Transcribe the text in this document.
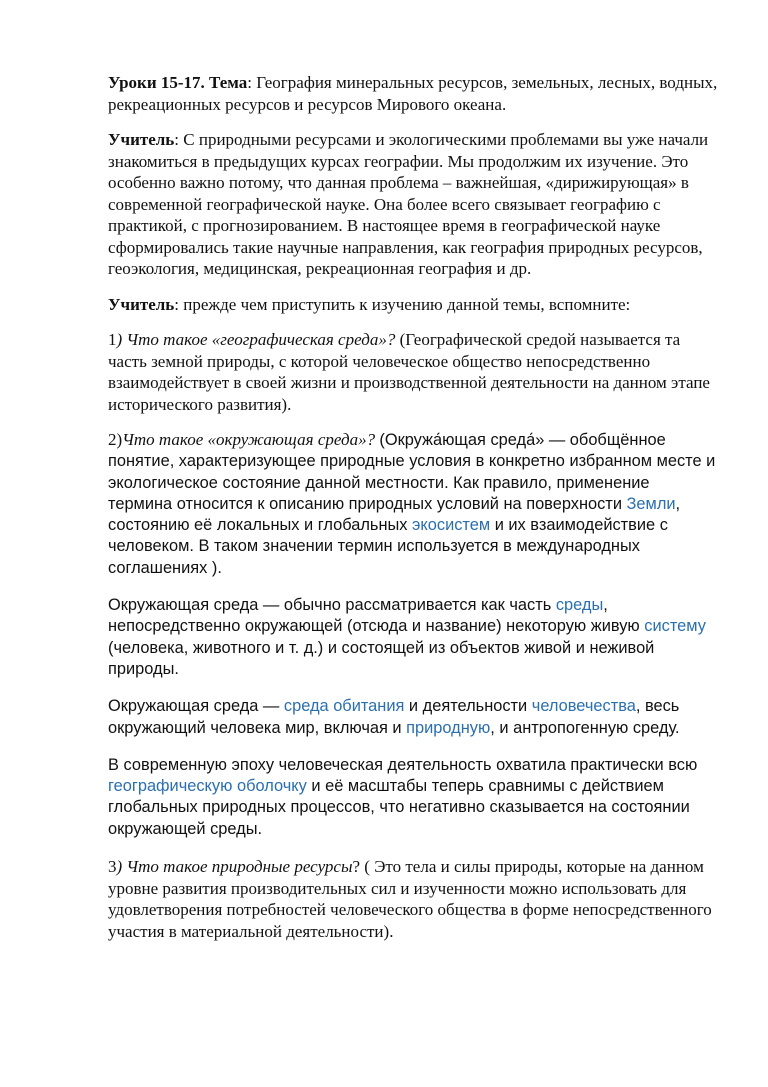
Уроки 15-17. Тема: География минеральных ресурсов, земельных, лесных, водных, рекреационных ресурсов и ресурсов Мирового океана.

Учитель: С природными ресурсами и экологическими проблемами вы уже начали знакомиться в предыдущих курсах географии. Мы продолжим их изучение. Это особенно важно потому, что данная проблема – важнейшая, «дирижирующая» в современной географической науке. Она более всего связывает географию с практикой, с прогнозированием. В настоящее время в географической науке сформировались такие научные направления, как география природных ресурсов, геоэкология, медицинская, рекреационная география и др.

Учитель: прежде чем приступить к изучению данной темы, вспомните:

1) Что такое «географическая среда»? (Географической средой называется та часть земной природы, с которой человеческое общество непосредственно взаимодействует в своей жизни и производственной деятельности на данном этапе исторического развития).

2)Что такое «окружающая среда»? (Окружа́ющая среда́» — обобщённое понятие, характеризующее природные условия в конкретно избранном месте и экологическое состояние данной местности. Как правило, применение термина относится к описанию природных условий на поверхности Земли, состоянию её локальных и глобальных экосистем и их взаимодействие с человеком. В таком значении термин используется в международных соглашениях ).

Окружающая среда — обычно рассматривается как часть среды, непосредственно окружающей (отсюда и название) некоторую живую систему (человека, животного и т. д.) и состоящей из объектов живой и неживой природы.

Окружающая среда — среда обитания и деятельности человечества, весь окружающий человека мир, включая и природную, и антропогенную среду.

В современную эпоху человеческая деятельность охватила практически всю географическую оболочку и её масштабы теперь сравнимы с действием глобальных природных процессов, что негативно сказывается на состоянии окружающей среды.

3) Что такое природные ресурсы? ( Это тела и силы природы, которые на данном уровне развития производительных сил и изученности можно использовать для удовлетворения потребностей человеческого общества в форме непосредственного участия в материальной деятельности).
